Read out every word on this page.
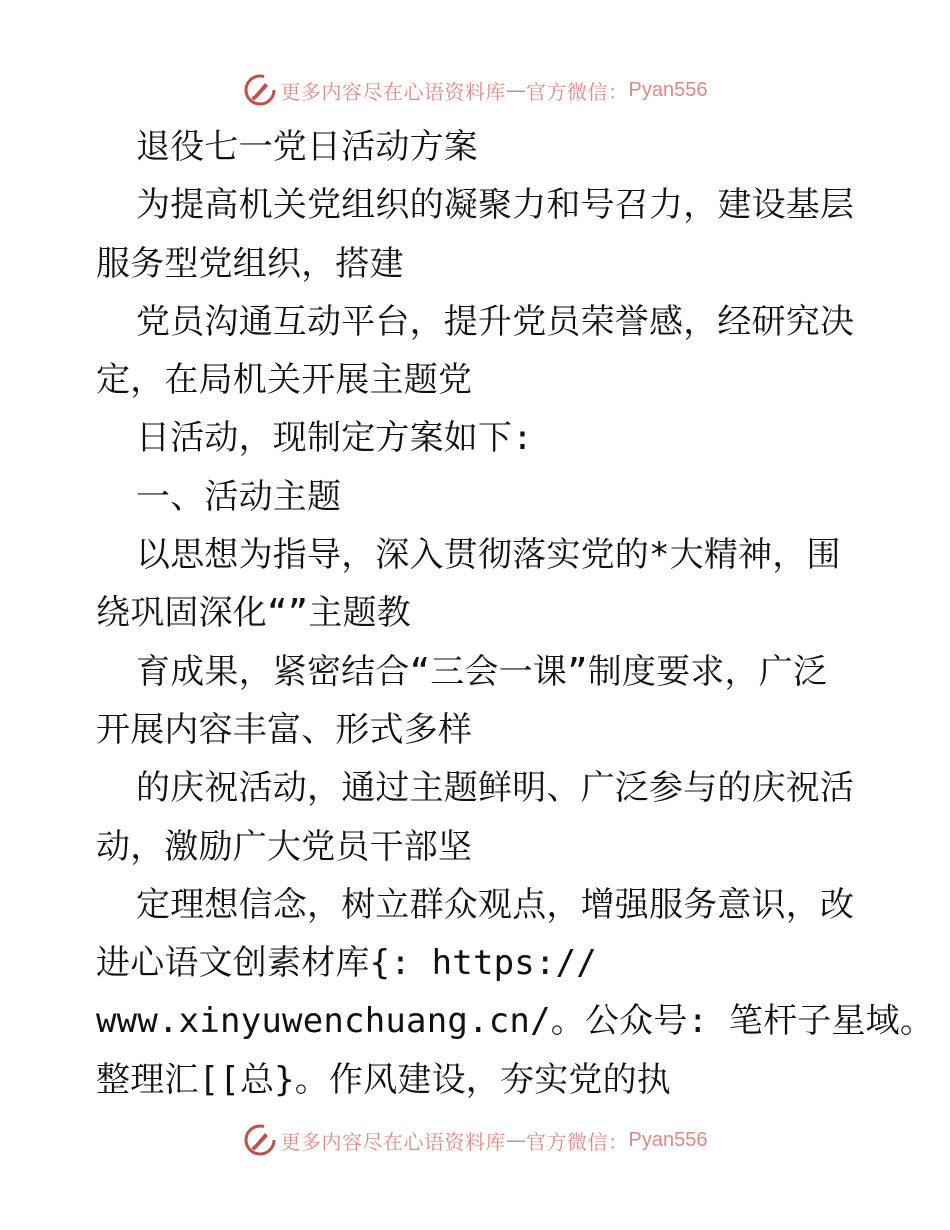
更多内容尽在心语资料库 — 官方微信： Pyan556
退役七一党日活动方案
为提高机关党组织的凝聚力和号召力，建设基层
服务型党组织，搭建
党员沟通互动平台，提升党员荣誉感，经研究决
定，在局机关开展主题党
日活动，现制定方案如下:
一、活动主题
以思想为指导，深入贯彻落实党的*大精神，围
绕巩固深化“”主题教
育成果，紧密结合“三会一课”制度要求，广泛
开展内容丰富、形式多样
的庆祝活动，通过主题鲜明、广泛参与的庆祝活
动，激励广大党员干部坚
定理想信念，树立群众观点，增强服务意识，改
进心语文创素材库{: https://
www.xinyuwenchuang.cn/。公众号: 笔杆子星域。
整理汇[[总}。作风建设，夯实党的执
更多内容尽在心语资料库 — 官方微信： Pyan556
